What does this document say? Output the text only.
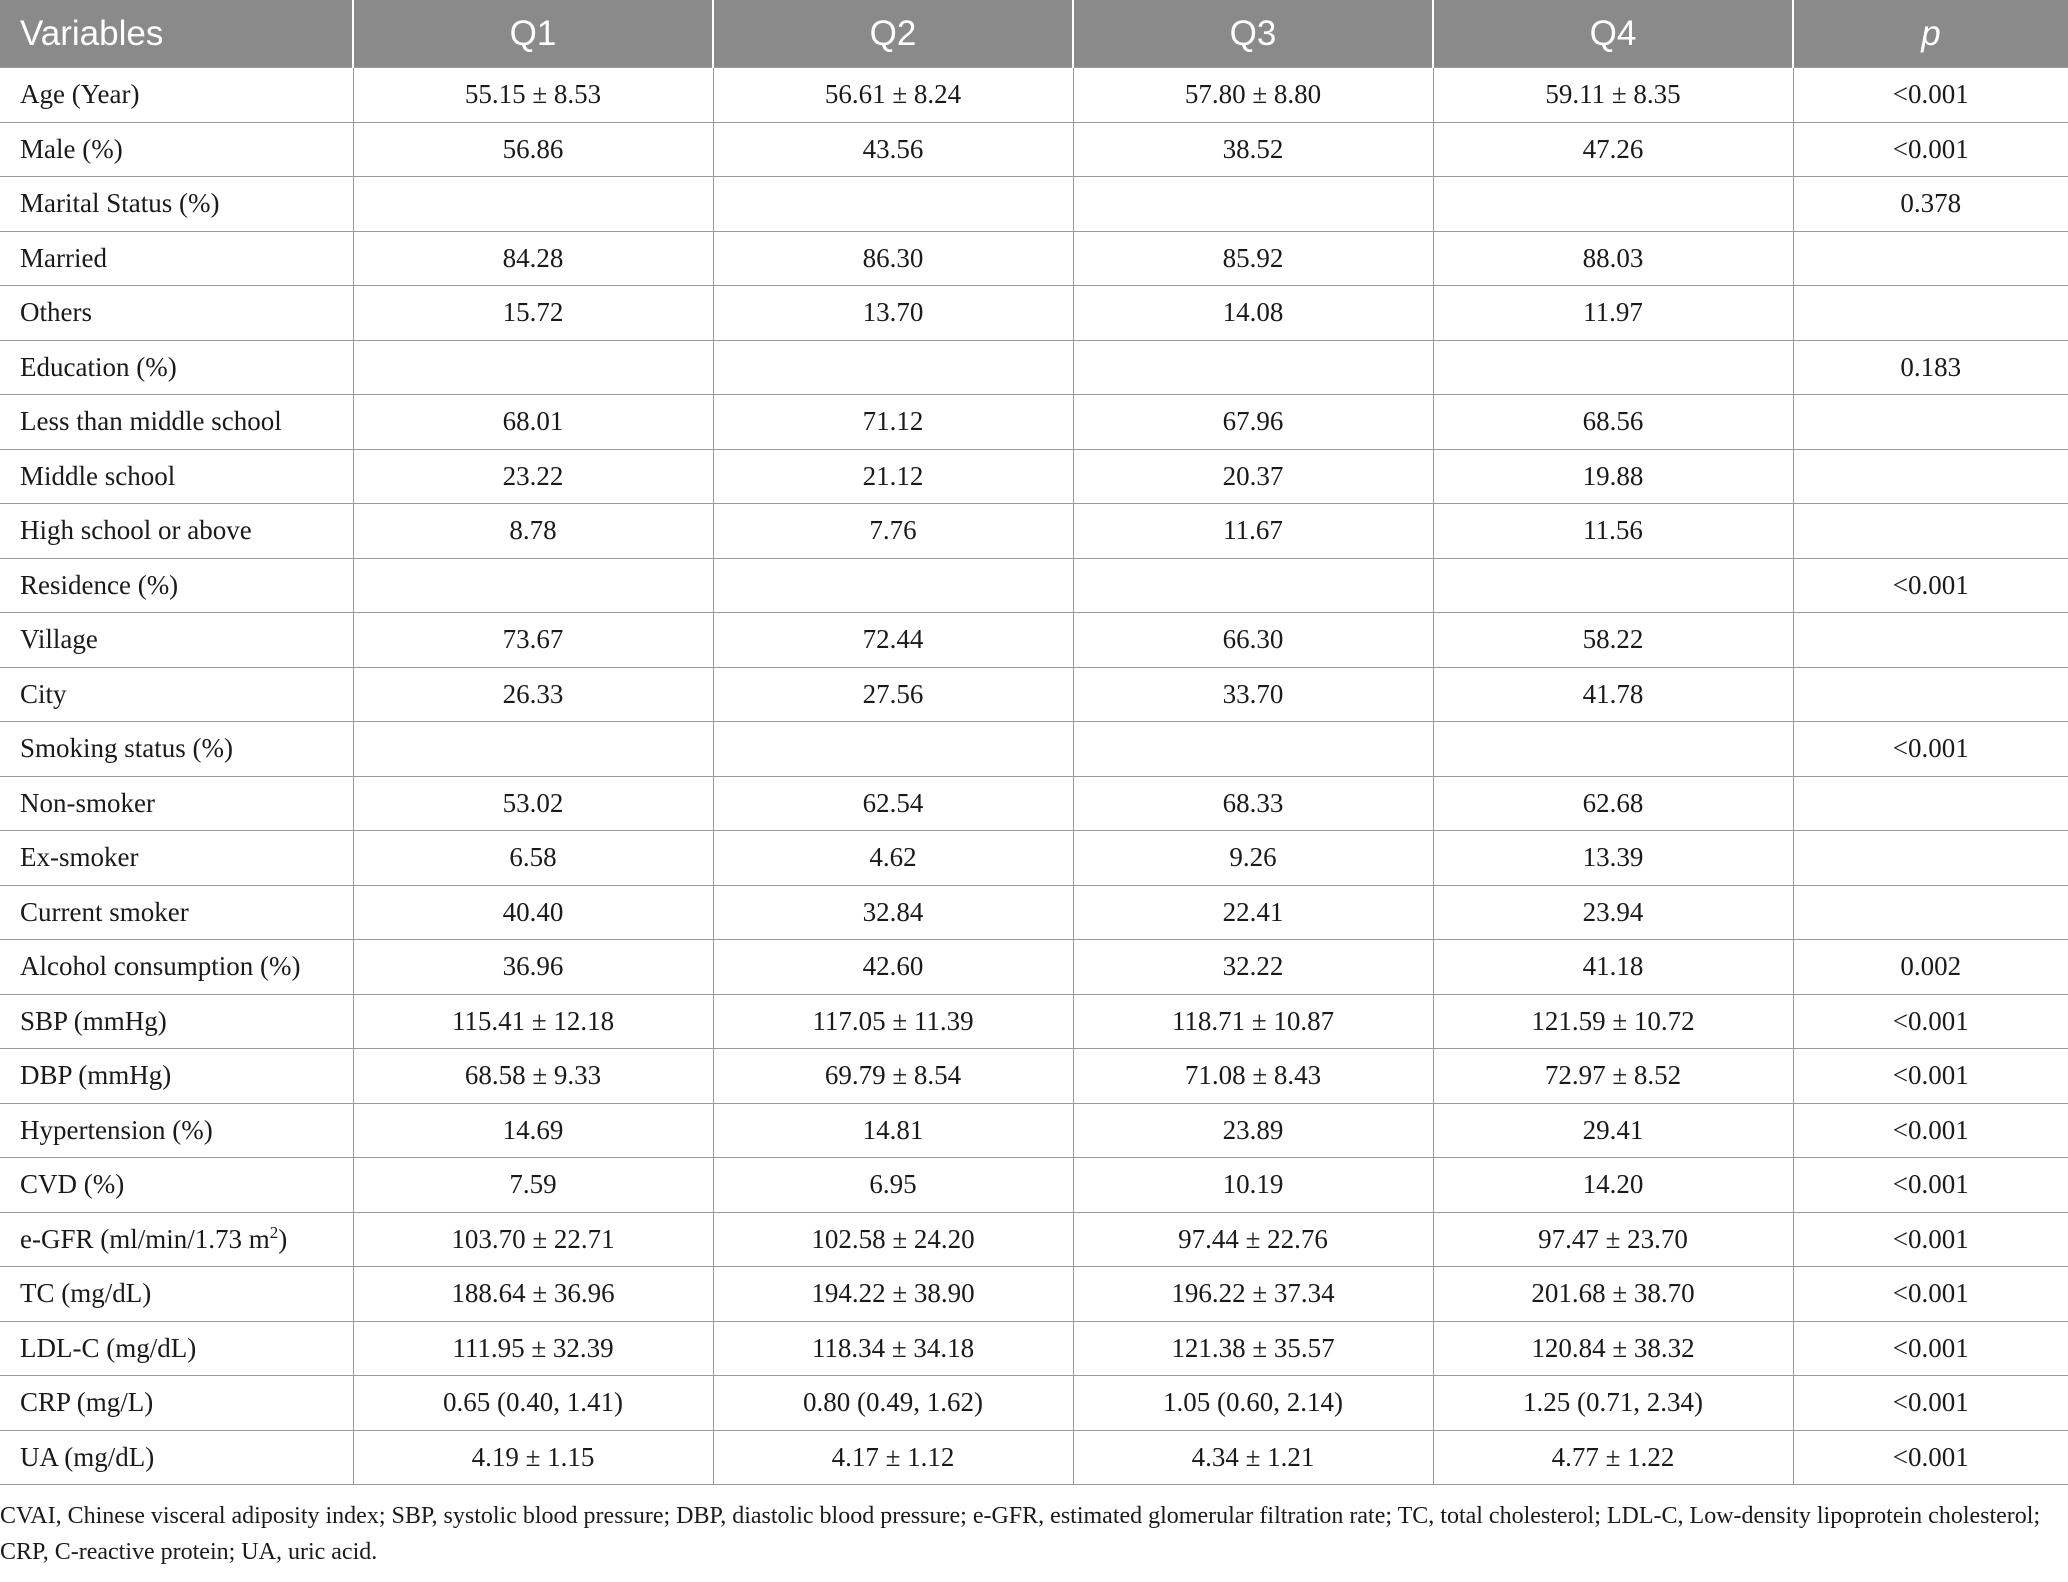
Variables	Q1	Q2	Q3	Q4	p
Age (Year)	55.15 ± 8.53	56.61 ± 8.24	57.80 ± 8.80	59.11 ± 8.35	<0.001
Male (%)	56.86	43.56	38.52	47.26	<0.001
Marital Status (%)					0.378
Married	84.28	86.30	85.92	88.03	
Others	15.72	13.70	14.08	11.97	
Education (%)					0.183
Less than middle school	68.01	71.12	67.96	68.56	
Middle school	23.22	21.12	20.37	19.88	
High school or above	8.78	7.76	11.67	11.56	
Residence (%)					<0.001
Village	73.67	72.44	66.30	58.22	
City	26.33	27.56	33.70	41.78	
Smoking status (%)					<0.001
Non-smoker	53.02	62.54	68.33	62.68	
Ex-smoker	6.58	4.62	9.26	13.39	
Current smoker	40.40	32.84	22.41	23.94	
Alcohol consumption (%)	36.96	42.60	32.22	41.18	0.002
SBP (mmHg)	115.41 ± 12.18	117.05 ± 11.39	118.71 ± 10.87	121.59 ± 10.72	<0.001
DBP (mmHg)	68.58 ± 9.33	69.79 ± 8.54	71.08 ± 8.43	72.97 ± 8.52	<0.001
Hypertension (%)	14.69	14.81	23.89	29.41	<0.001
CVD (%)	7.59	6.95	10.19	14.20	<0.001
e-GFR (ml/min/1.73 $m^2$)	103.70 ± 22.71	102.58 ± 24.20	97.44 ± 22.76	97.47 ± 23.70	<0.001
TC (mg/dL)	188.64 ± 36.96	194.22 ± 38.90	196.22 ± 37.34	201.68 ± 38.70	<0.001
LDL-C (mg/dL)	111.95 ± 32.39	118.34 ± 34.18	121.38 ± 35.57	120.84 ± 38.32	<0.001
CRP (mg/L)	0.65 (0.40, 1.41)	0.80 (0.49, 1.62)	1.05 (0.60, 2.14)	1.25 (0.71, 2.34)	<0.001
UA (mg/dL)	4.19 ± 1.15	4.17 ± 1.12	4.34 ± 1.21	4.77 ± 1.22	<0.001
CVAI, Chinese visceral adiposity index; SBP, systolic blood pressure; DBP, diastolic blood pressure; e-GFR, estimated glomerular filtration rate; TC, total cholesterol; LDL-C, Low-density lipoprotein cholesterol; CRP, C-reactive protein; UA, uric acid.
